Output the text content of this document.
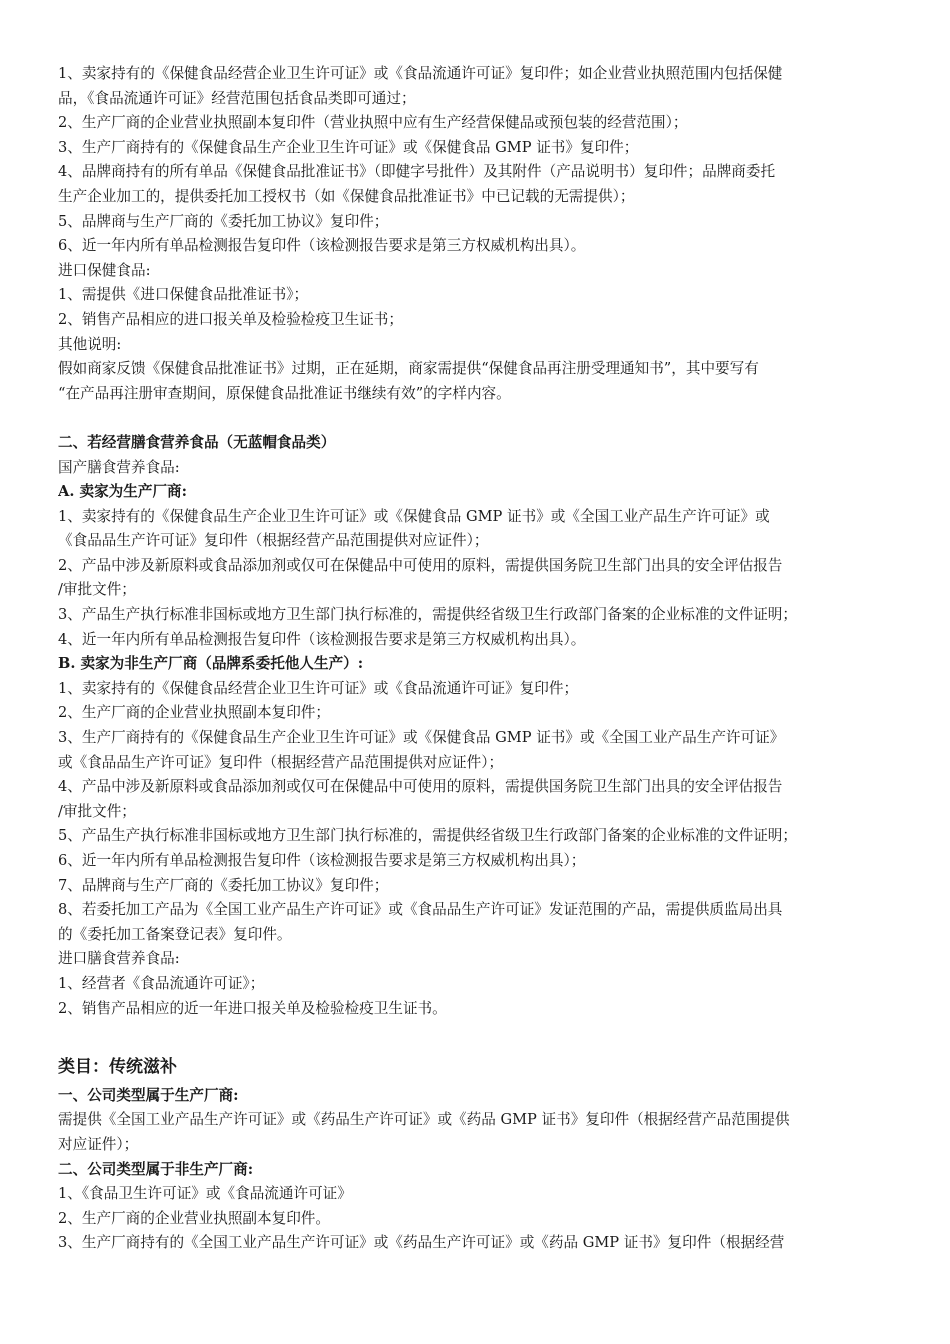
1、卖家持有的《保健食品经营企业卫生许可证》或《食品流通许可证》复印件；如企业营业执照范围内包括保健
品，《食品流通许可证》经营范围包括食品类即可通过；
2、生产厂商的企业营业执照副本复印件（营业执照中应有生产经营保健品或预包装的经营范围）；
3、生产厂商持有的《保健食品生产企业卫生许可证》或《保健食品 GMP 证书》复印件；
4、品牌商持有的所有单品《保健食品批准证书》（即健字号批件）及其附件（产品说明书）复印件；品牌商委托
生产企业加工的，提供委托加工授权书（如《保健食品批准证书》中已记载的无需提供）；
5、品牌商与生产厂商的《委托加工协议》复印件；
6、近一年内所有单品检测报告复印件（该检测报告要求是第三方权威机构出具）。
进口保健食品:
1、需提供《进口保健食品批准证书》；
2、销售产品相应的进口报关单及检验检疫卫生证书；
其他说明:
假如商家反馈《保健食品批准证书》过期，正在延期，商家需提供“保健食品再注册受理通知书”，其中要写有
“在产品再注册审查期间，原保健食品批准证书继续有效”的字样内容。
二、若经营膳食营养食品（无蓝帽食品类）
国产膳食营养食品:
A. 卖家为生产厂商:
1、卖家持有的《保健食品生产企业卫生许可证》或《保健食品 GMP 证书》或《全国工业产品生产许可证》或
《食品品生产许可证》复印件（根据经营产品范围提供对应证件）；
2、产品中涉及新原料或食品添加剂或仅可在保健品中可使用的原料，需提供国务院卫生部门出具的安全评估报告
/审批文件；
3、产品生产执行标准非国标或地方卫生部门执行标准的，需提供经省级卫生行政部门备案的企业标准的文件证明；
4、近一年内所有单品检测报告复印件（该检测报告要求是第三方权威机构出具）。
B. 卖家为非生产厂商（品牌系委托他人生产）:
1、卖家持有的《保健食品经营企业卫生许可证》或《食品流通许可证》复印件；
2、生产厂商的企业营业执照副本复印件；
3、生产厂商持有的《保健食品生产企业卫生许可证》或《保健食品 GMP 证书》或《全国工业产品生产许可证》
或《食品品生产许可证》复印件（根据经营产品范围提供对应证件）；
4、产品中涉及新原料或食品添加剂或仅可在保健品中可使用的原料，需提供国务院卫生部门出具的安全评估报告
/审批文件；
5、产品生产执行标准非国标或地方卫生部门执行标准的，需提供经省级卫生行政部门备案的企业标准的文件证明；
6、近一年内所有单品检测报告复印件（该检测报告要求是第三方权威机构出具）；
7、品牌商与生产厂商的《委托加工协议》复印件；
8、若委托加工产品为《全国工业产品生产许可证》或《食品品生产许可证》发证范围的产品，需提供质监局出具
的《委托加工备案登记表》复印件。
进口膳食营养食品:
1、经营者《食品流通许可证》；
2、销售产品相应的近一年进口报关单及检验检疫卫生证书。
类目：传统滋补
一、公司类型属于生产厂商:
需提供《全国工业产品生产许可证》或《药品生产许可证》或《药品 GMP 证书》复印件（根据经营产品范围提供
对应证件）；
二、公司类型属于非生产厂商:
1、《食品卫生许可证》或《食品流通许可证》
2、生产厂商的企业营业执照副本复印件。
3、生产厂商持有的《全国工业产品生产许可证》或《药品生产许可证》或《药品 GMP 证书》复印件（根据经营
